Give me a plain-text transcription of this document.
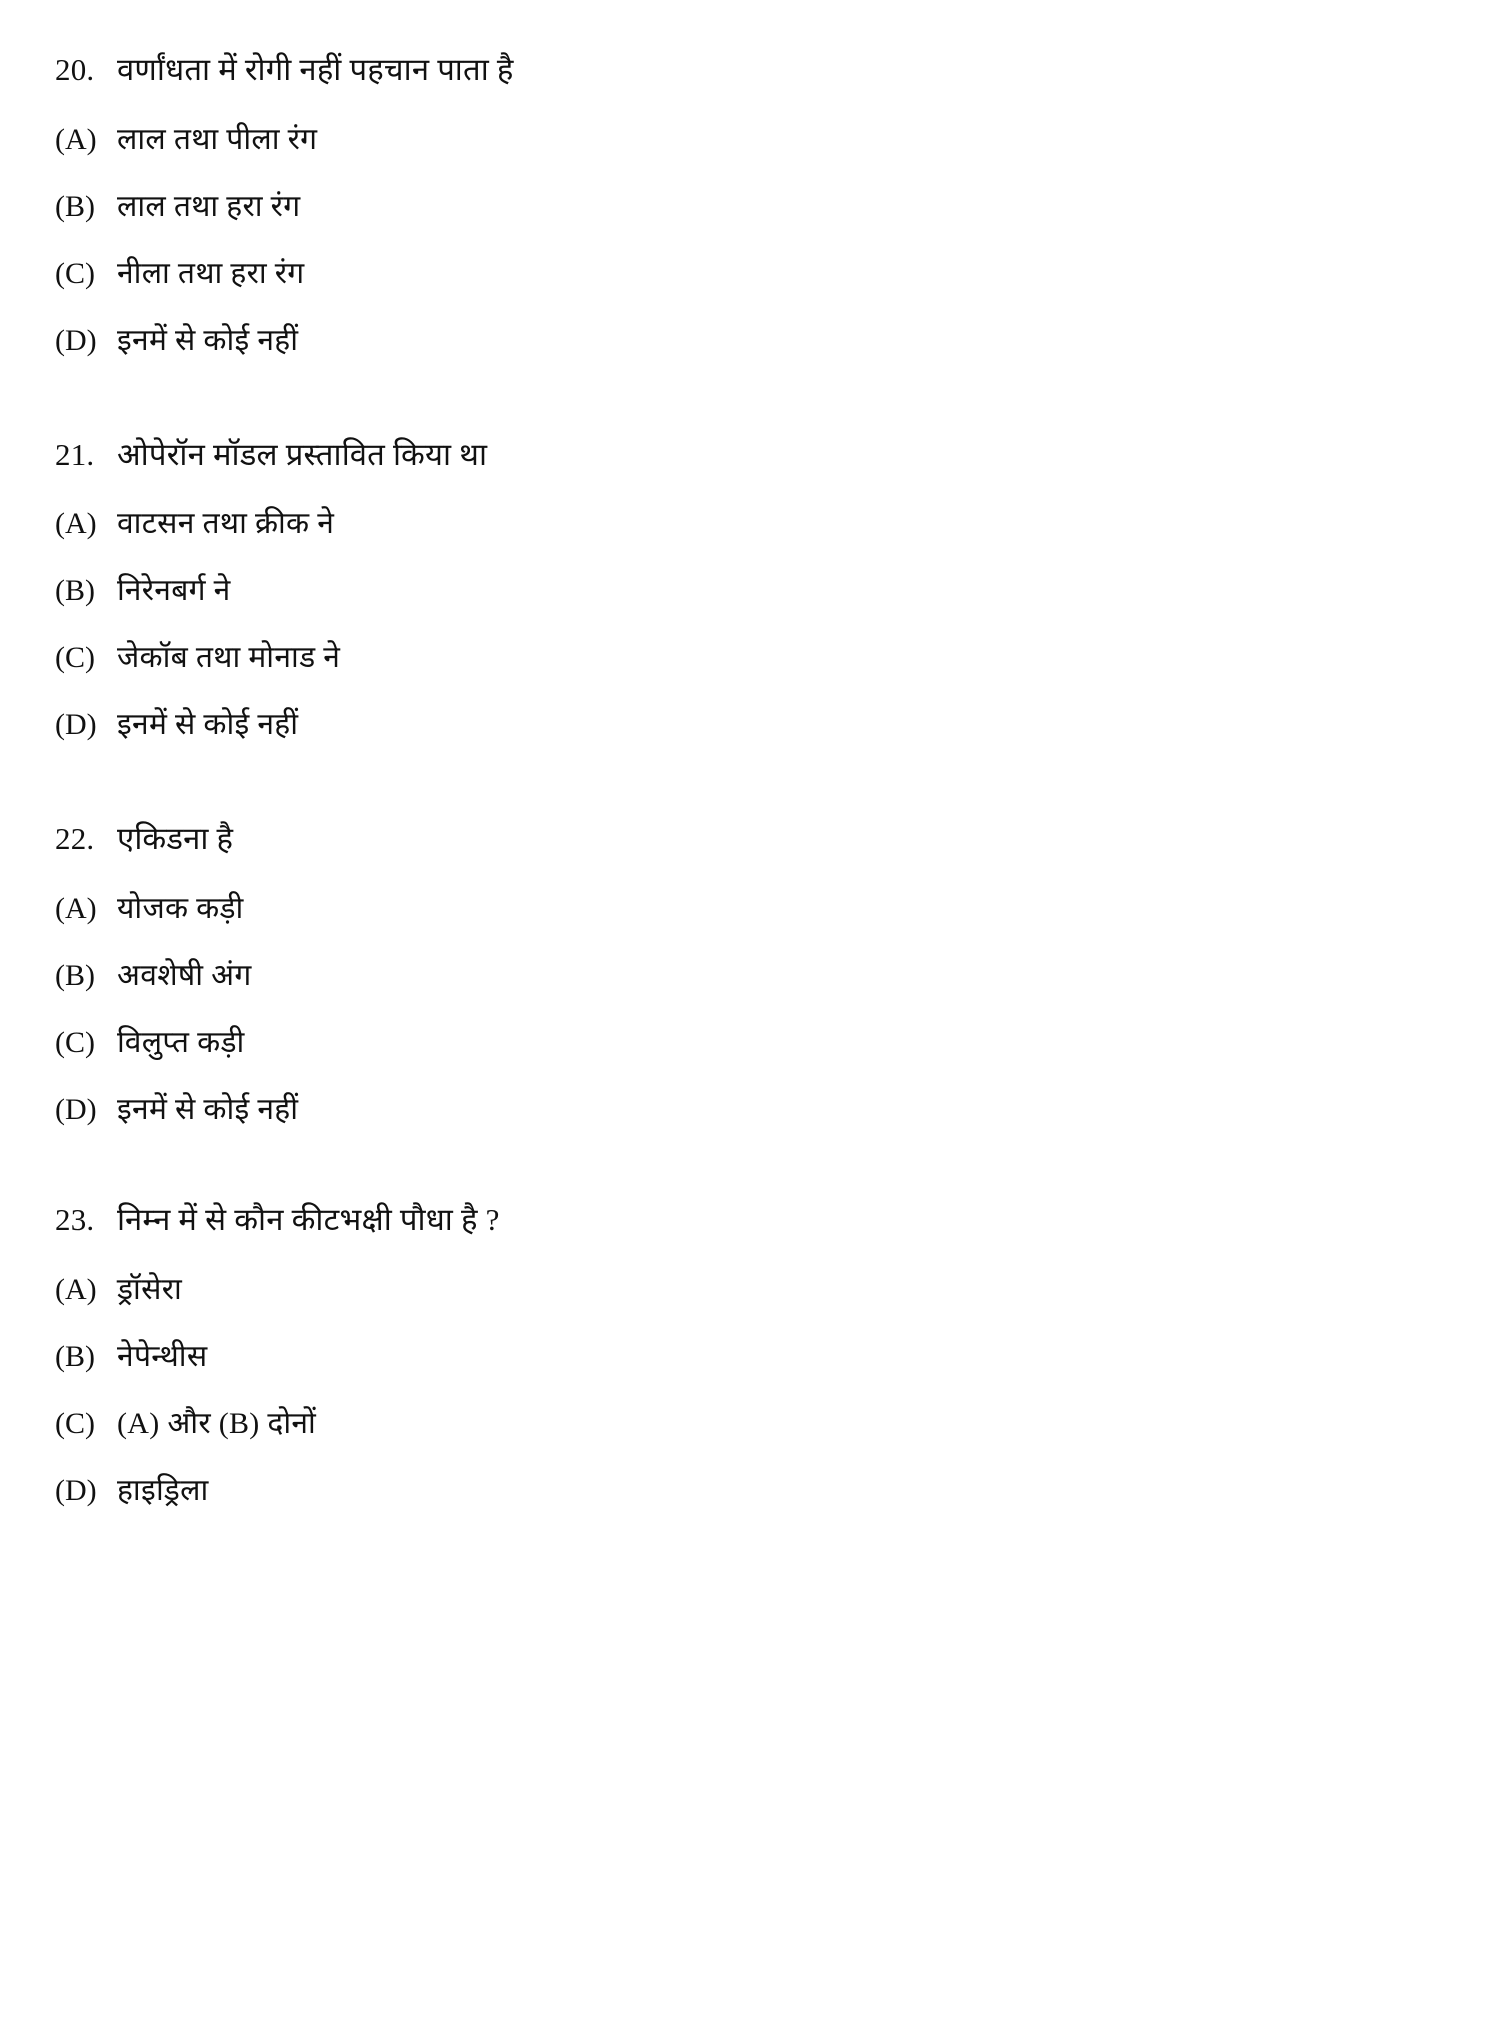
20. वर्णांधता में रोगी नहीं पहचान पाता है
(A) लाल तथा पीला रंग
(B) लाल तथा हरा रंग
(C) नीला तथा हरा रंग
(D) इनमें से कोई नहीं
21. ओपेरॉन मॉडल प्रस्तावित किया था
(A) वाटसन तथा क्रीक ने
(B) निरेनबर्ग ने
(C) जेकॉब तथा मोनाड ने
(D) इनमें से कोई नहीं
22. एकिडना है
(A) योजक कड़ी
(B) अवशेषी अंग
(C) विलुप्त कड़ी
(D) इनमें से कोई नहीं
23. निम्न में से कौन कीटभक्षी पौधा है ?
(A) ड्रॉसेरा
(B) नेपेन्थीस
(C) (A) और (B) दोनों
(D) हाइड्रिला
